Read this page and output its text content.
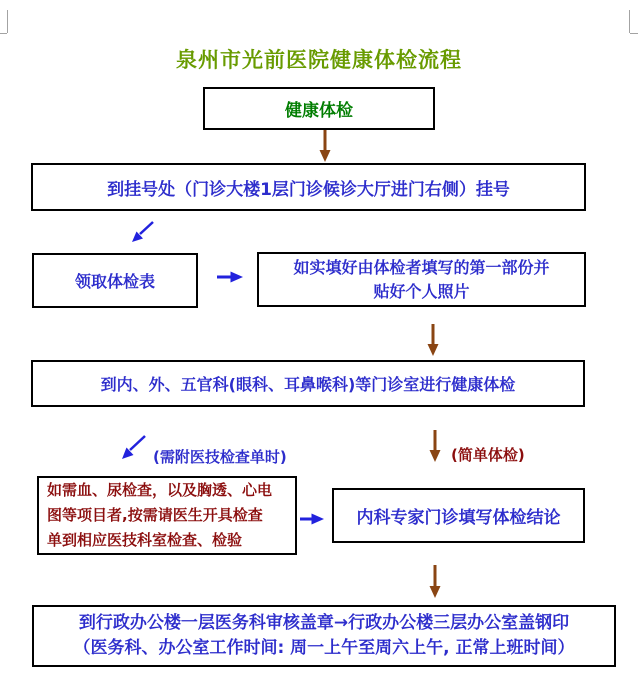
泉州市光前医院健康体检流程
健康体检
到挂号处（门诊大楼1层门诊候诊大厅进门右侧）挂号
领取体检表
如实填好由体检者填写的第一部份并
贴好个人照片
到内、外、五官科(眼科、耳鼻喉科)等门诊室进行健康体检
(需附医技检查单时)	(简单体检)
如需血、尿检查，以及胸透、心电
图等项目者,按需请医生开具检查
单到相应医技科室检查、检验
内科专家门诊填写体检结论
到行政办公楼一层医务科审核盖章→行政办公楼三层办公室盖钢印
（医务科、办公室工作时间: 周一上午至周六上午, 正常上班时间）
